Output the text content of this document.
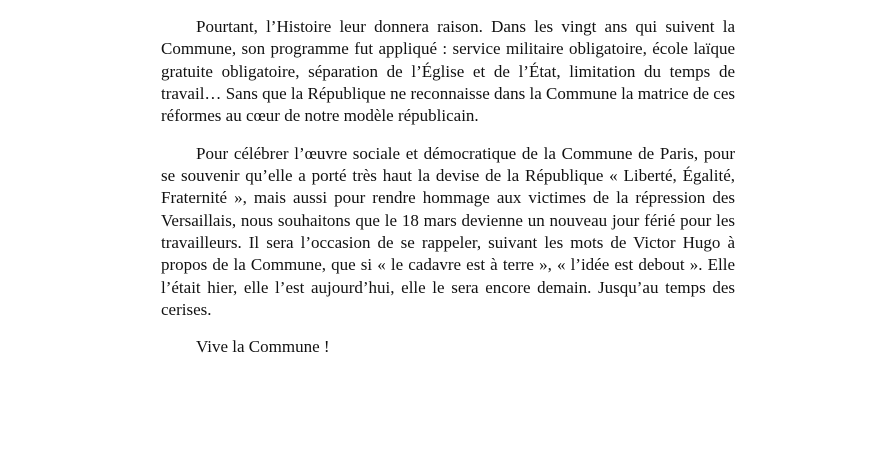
Pourtant, l’Histoire leur donnera raison. Dans les vingt ans qui suivent la Commune, son programme fut appliqué : service militaire obligatoire, école laïque gratuite obligatoire, séparation de l’Église et de l’État, limitation du temps de travail… Sans que la République ne reconnaisse dans la Commune la matrice de ces réformes au cœur de notre modèle républicain.

Pour célébrer l’œuvre sociale et démocratique de la Commune de Paris, pour se souvenir qu’elle a porté très haut la devise de la République « Liberté, Égalité, Fraternité », mais aussi pour rendre hommage aux victimes de la répression des Versaillais, nous souhaitons que le 18 mars devienne un nouveau jour férié pour les travailleurs. Il sera l’occasion de se rappeler, suivant les mots de Victor Hugo à propos de la Commune, que si « le cadavre est à terre », « l’idée est debout ». Elle l’était hier, elle l’est aujourd’hui, elle le sera encore demain. Jusqu’au temps des cerises.

Vive la Commune !
